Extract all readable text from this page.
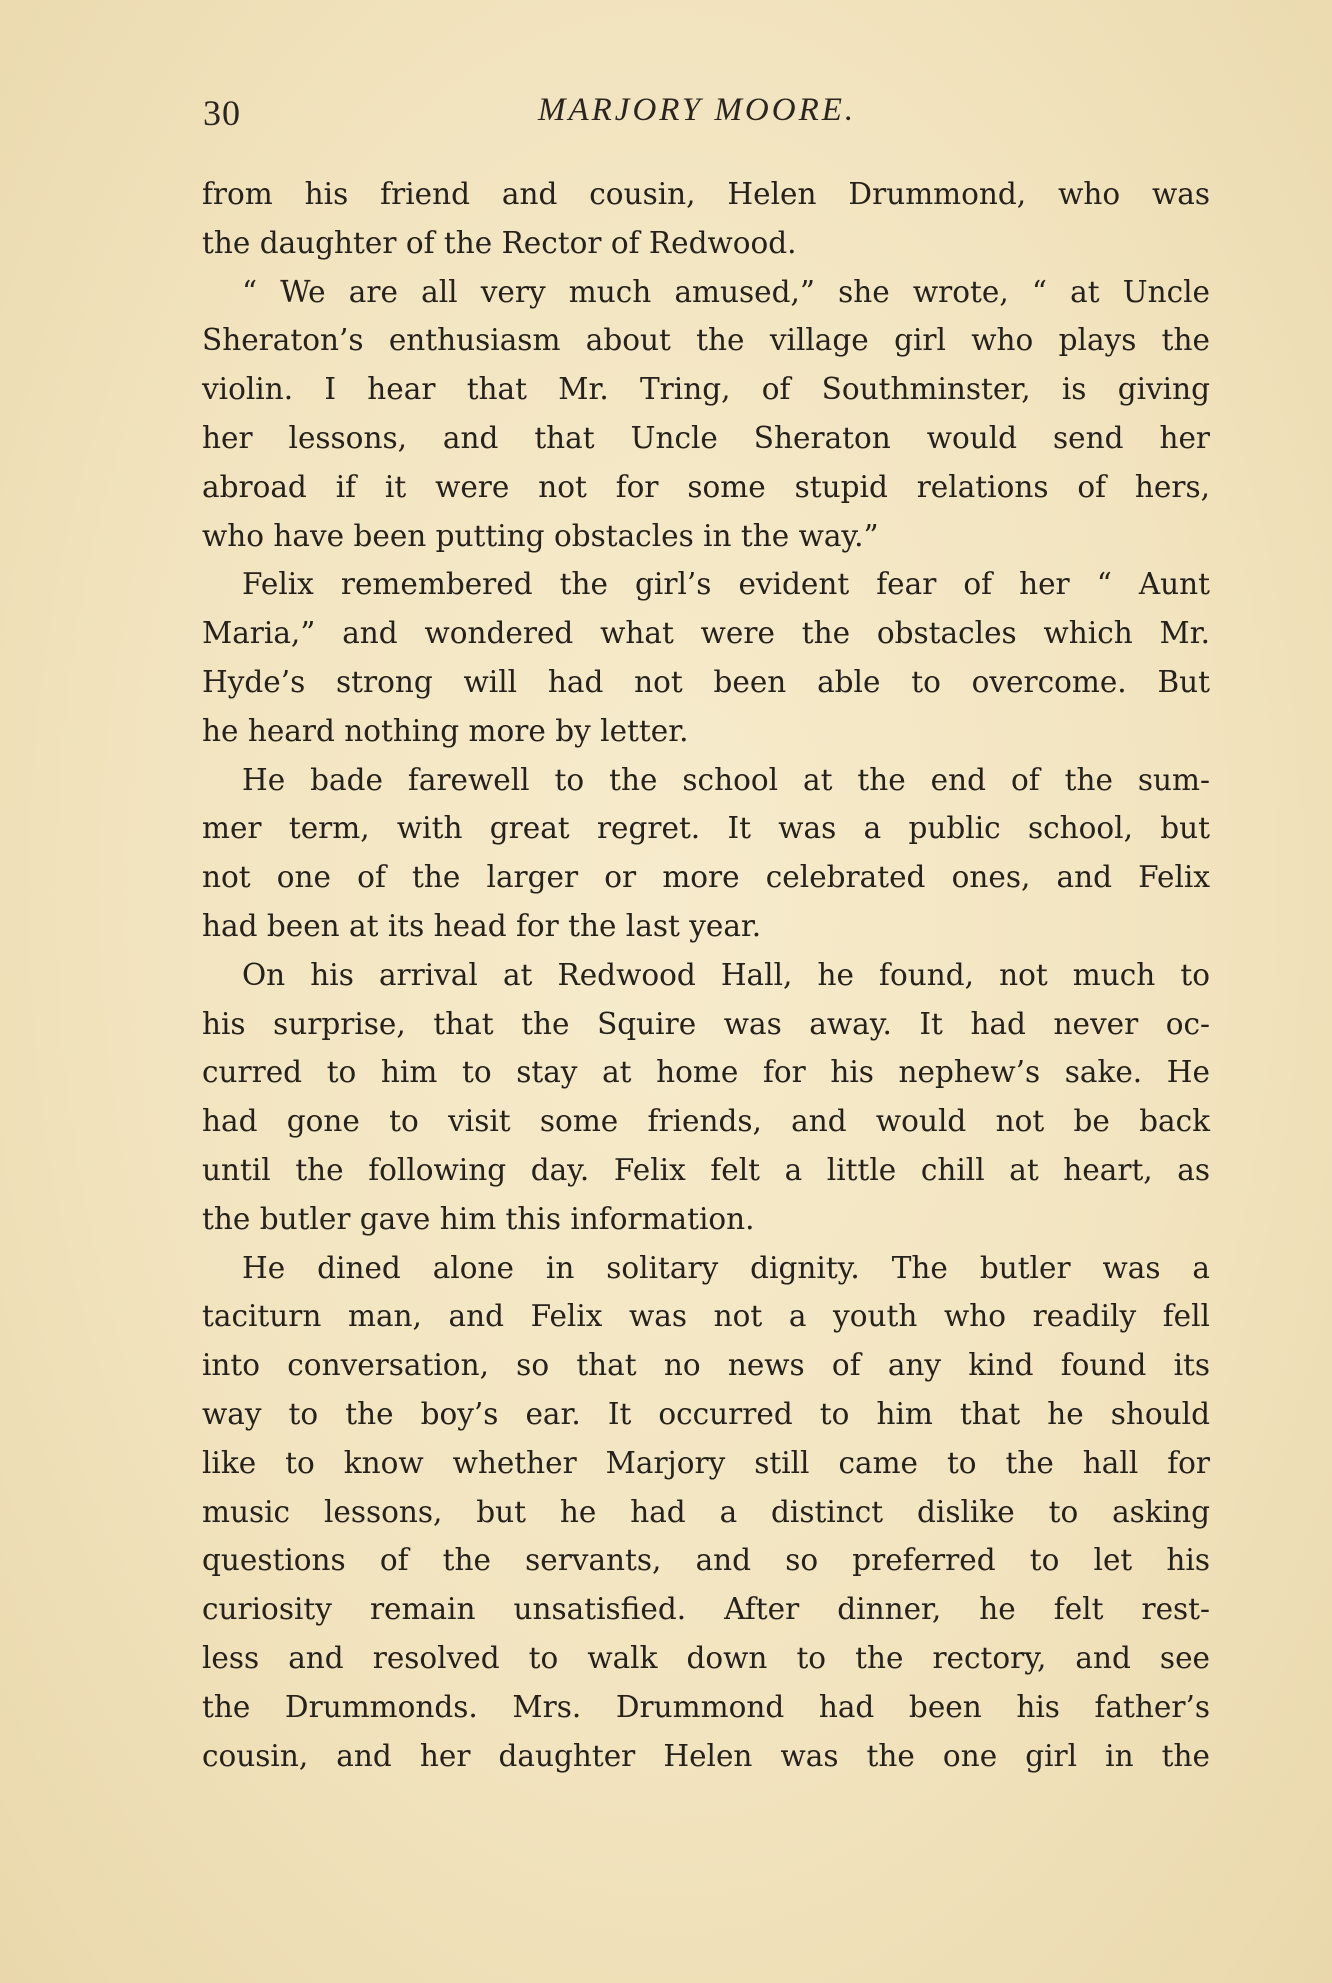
30	MARJORY MOORE.
from his friend and cousin, Helen Drummond, who was
the daughter of the Rector of Redwood.
“ We are all very much amused,” she wrote, “ at Uncle
Sheraton’s enthusiasm about the village girl who plays the
violin. I hear that Mr. Tring, of Southminster, is giving
her lessons, and that Uncle Sheraton would send her
abroad if it were not for some stupid relations of hers,
who have been putting obstacles in the way.”
Felix remembered the girl’s evident fear of her “ Aunt
Maria,” and wondered what were the obstacles which Mr.
Hyde’s strong will had not been able to overcome. But
he heard nothing more by letter.
He bade farewell to the school at the end of the sum-
mer term, with great regret. It was a public school, but
not one of the larger or more celebrated ones, and Felix
had been at its head for the last year.
On his arrival at Redwood Hall, he found, not much to
his surprise, that the Squire was away. It had never oc-
curred to him to stay at home for his nephew’s sake. He
had gone to visit some friends, and would not be back
until the following day. Felix felt a little chill at heart, as
the butler gave him this information.
He dined alone in solitary dignity. The butler was a
taciturn man, and Felix was not a youth who readily fell
into conversation, so that no news of any kind found its
way to the boy’s ear. It occurred to him that he should
like to know whether Marjory still came to the hall for
music lessons, but he had a distinct dislike to asking
questions of the servants, and so preferred to let his
curiosity remain unsatisfied. After dinner, he felt rest-
less and resolved to walk down to the rectory, and see
the Drummonds. Mrs. Drummond had been his father’s
cousin, and her daughter Helen was the one girl in the
